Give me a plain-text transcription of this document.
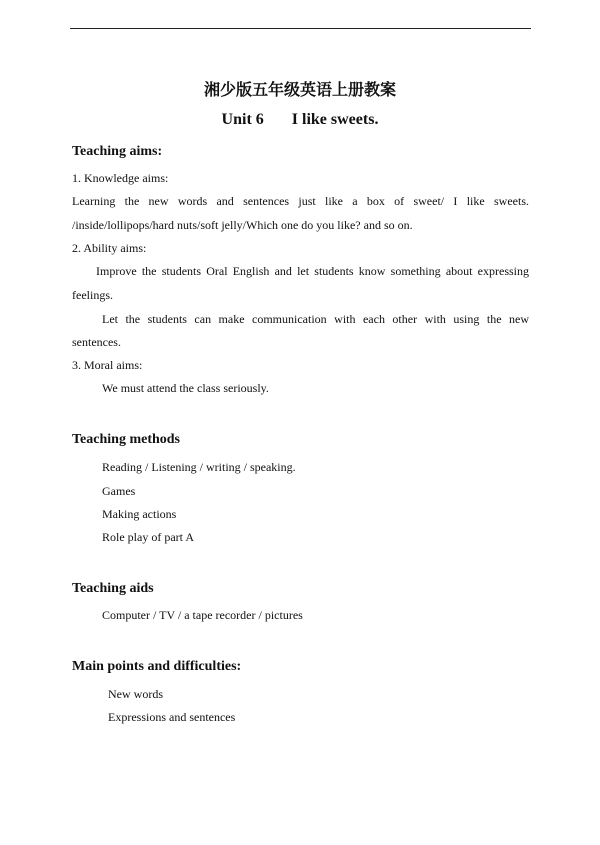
湘少版五年级英语上册教案
Unit 6 I like sweets.
Teaching aims:
1. Knowledge aims:
Learning the new words and sentences just like a box of sweet/ I like sweets.
/inside/lollipops/hard nuts/soft jelly/Which one do you like? and so on.
2. Ability aims:
Improve the students Oral English and let students know something about expressing
feelings.
Let the students can make communication with each other with using the new
sentences.
3. Moral aims:
We must attend the class seriously.
Teaching methods
Reading / Listening / writing / speaking.
Games
Making actions
Role play of part A
Teaching aids
Computer / TV / a tape recorder / pictures
Main points and difficulties:
New words
Expressions and sentences
